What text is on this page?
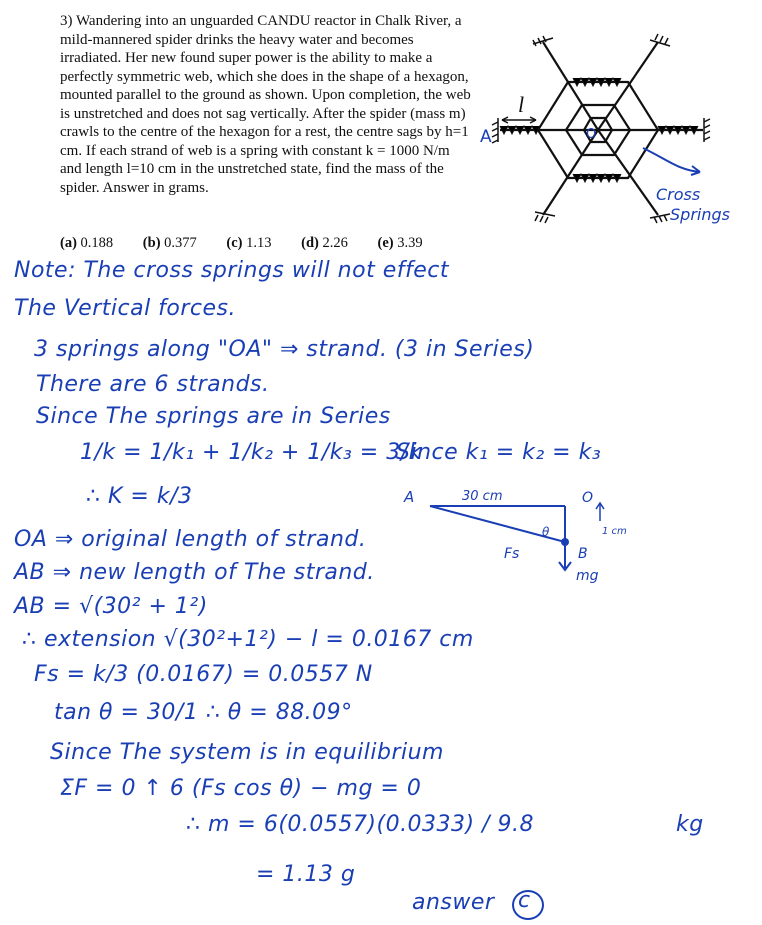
3) Wandering into an unguarded CANDU reactor in Chalk River, a mild-mannered spider drinks the heavy water and becomes irradiated. Her new found super power is the ability to make a perfectly symmetric web, which she does in the shape of a hexagon, mounted parallel to the ground as shown. Upon completion, the web is unstretched and does not sag vertically. After the spider (mass m) crawls to the centre of the hexagon for a rest, the centre sags by h=1 cm. If each strand of web is a spring with constant k = 1000 N/m and length l=10 cm in the unstretched state, find the mass of the spider. Answer in grams.

(a) 0.188 (b) 0.377 (c) 1.13 (d) 2.26 (e) 3.39
l
A	O
Cross
Springs
Note: The cross springs will not effect
The Vertical forces.
3 springs along "OA" ⇒ strand. (3 in Series)
There are 6 strands.
Since The springs are in Series
1/k = 1/k₁ + 1/k₂ + 1/k₃ = 3/k
Since k₁ = k₂ = k₃
∴ K = k/3	A	30 cm	O
1 cm
B
θ
Fs
mg
OA ⇒ original length of strand.
AB ⇒ new length of The strand.
AB = √(30² + 1²)
∴ extension √(30²+1²) − l = 0.0167 cm
Fs = k/3 (0.0167) = 0.0557 N
tan θ = 30/1 ∴ θ = 88.09°
Since The system is in equilibrium
ΣF = 0 ↑ 6 (Fs cos θ) − mg = 0
∴ m = 6(0.0557)(0.0333) / 9.8	kg
= 1.13 g
answer c
